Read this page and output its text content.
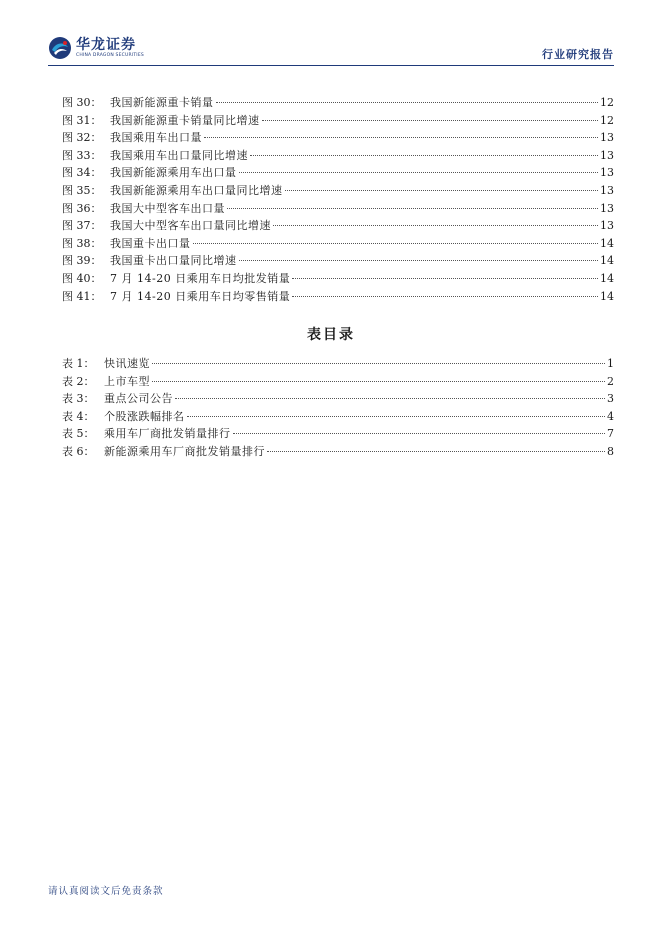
华龙证券
CHINA DRAGON SECURITIES	行业研究报告
图 30： 我国新能源重卡销量	12
图 31： 我国新能源重卡销量同比增速	12
图 32： 我国乘用车出口量	13
图 33： 我国乘用车出口量同比增速	13
图 34： 我国新能源乘用车出口量	13
图 35： 我国新能源乘用车出口量同比增速	13
图 36： 我国大中型客车出口量	13
图 37： 我国大中型客车出口量同比增速	13
图 38： 我国重卡出口量	14
图 39： 我国重卡出口量同比增速	14
图 40： 7 月 14-20 日乘用车日均批发销量	14
图 41： 7 月 14-20 日乘用车日均零售销量	14
表目录
表 1： 快讯速览	1
表 2： 上市车型	2
表 3： 重点公司公告	3
表 4： 个股涨跌幅排名	4
表 5： 乘用车厂商批发销量排行	7
表 6： 新能源乘用车厂商批发销量排行	8
请认真阅读文后免责条款
